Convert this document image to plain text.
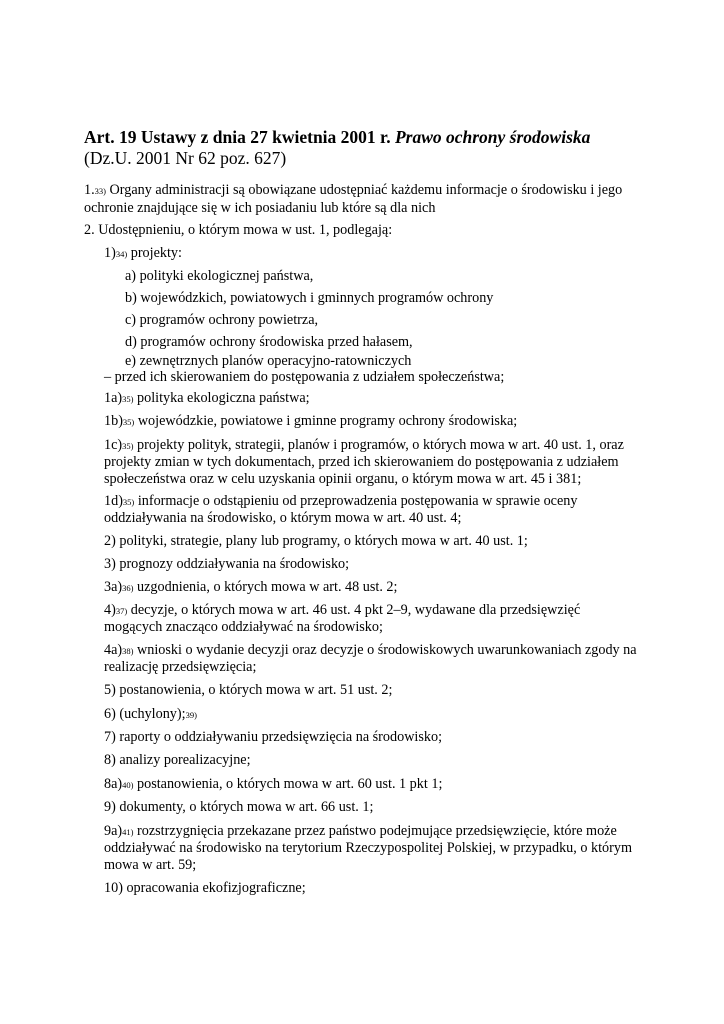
Art. 19 Ustawy z dnia 27 kwietnia 2001 r. Prawo ochrony środowiska
(Dz.U. 2001 Nr 62 poz. 627)
1.33) Organy administracji są obowiązane udostępniać każdemu informacje o środowisku i jego
ochronie znajdujące się w ich posiadaniu lub które są dla nich
2. Udostępnieniu, o którym mowa w ust. 1, podlegają:
1)34) projekty:
a) polityki ekologicznej państwa,
b) wojewódzkich, powiatowych i gminnych programów ochrony
c) programów ochrony powietrza,
d) programów ochrony środowiska przed hałasem,
e) zewnętrznych planów operacyjno-ratowniczych
– przed ich skierowaniem do postępowania z udziałem społeczeństwa;
1a)35) polityka ekologiczna państwa;
1b)35) wojewódzkie, powiatowe i gminne programy ochrony środowiska;
1c)35) projekty polityk, strategii, planów i programów, o których mowa w art. 40 ust. 1, oraz
projekty zmian w tych dokumentach, przed ich skierowaniem do postępowania z udziałem
społeczeństwa oraz w celu uzyskania opinii organu, o którym mowa w art. 45 i 381;
1d)35) informacje o odstąpieniu od przeprowadzenia postępowania w sprawie oceny
oddziaływania na środowisko, o którym mowa w art. 40 ust. 4;
2) polityki, strategie, plany lub programy, o których mowa w art. 40 ust. 1;
3) prognozy oddziaływania na środowisko;
3a)36) uzgodnienia, o których mowa w art. 48 ust. 2;
4)37) decyzje, o których mowa w art. 46 ust. 4 pkt 2–9, wydawane dla przedsięwzięć
mogących znacząco oddziaływać na środowisko;
4a)38) wnioski o wydanie decyzji oraz decyzje o środowiskowych uwarunkowaniach zgody na
realizację przedsięwzięcia;
5) postanowienia, o których mowa w art. 51 ust. 2;
6) (uchylony);39)
7) raporty o oddziaływaniu przedsięwzięcia na środowisko;
8) analizy porealizacyjne;
8a)40) postanowienia, o których mowa w art. 60 ust. 1 pkt 1;
9) dokumenty, o których mowa w art. 66 ust. 1;
9a)41) rozstrzygnięcia przekazane przez państwo podejmujące przedsięwzięcie, które może
oddziaływać na środowisko na terytorium Rzeczypospolitej Polskiej, w przypadku, o którym
mowa w art. 59;
10) opracowania ekofizjograficzne;
